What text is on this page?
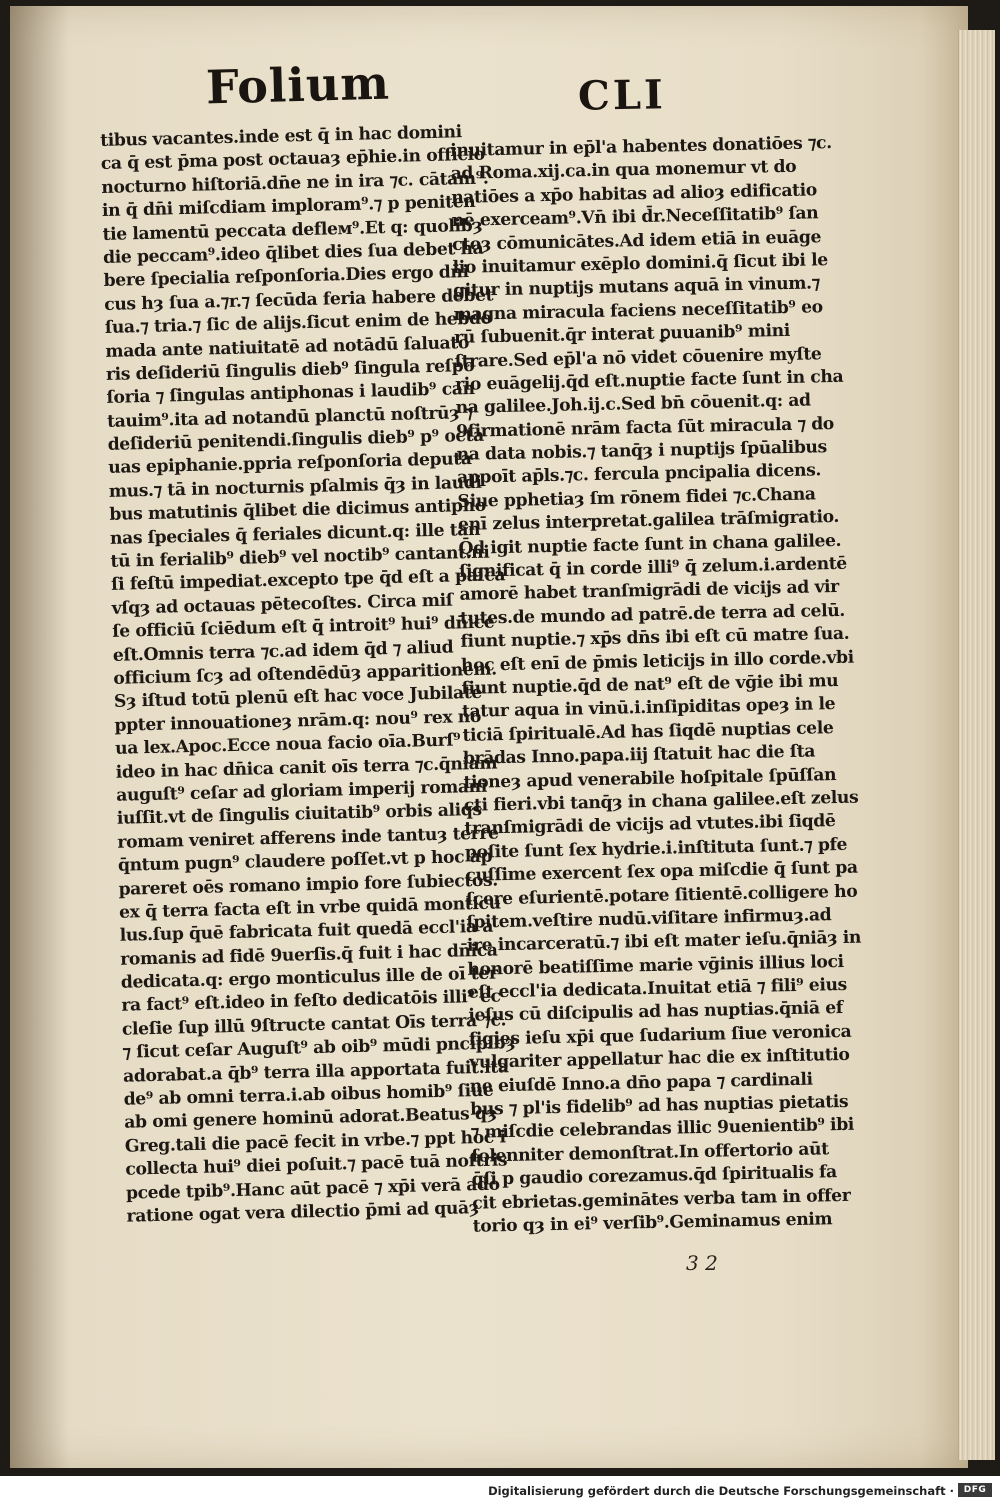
Folium	CLI
tibus vacantes.inde est q̄ in hac domini
ca q̄ est p̄ma post octauaȝ ep̄hie.in officio
nocturno hiſtoriā.dn̄e ne in ira ⁊c. cātam⁹.
in q̄ dn̄i miſcdiam imploram⁹.⁊ p peniten
tie lamentū peccata defleм⁹.Et q: quolibȝ
die peccam⁹.ideo q̄libet dies ſua debet ha
bere ſpecialia reſponſoria.Dies ergo dn̄i
cus hȝ ſua a.⁊r.⁊ ſecūda feria habere debet
ſua.⁊ tria.⁊ ſic de alijs.ſicut enim de hebdo
mada ante natiuitatē ad notādū ſaluato
ris deſideriū ſingulis dieb⁹ ſingula reſpō
ſoria ⁊ ſingulas antiphonas i laudib⁹ can
tauim⁹.ita ad notandū planctū noſtrūȝ ⁊
deſideriū penitendi.ſingulis dieb⁹ p⁹ octa
uas epiphanie.ppria reſponſoria deputa
mus.⁊ tā in nocturnis pſalmis q̄ȝ in laudi
bus matutinis q̄libet die dicimus antipho
nas ſpeciales q̄ feriales dicunt.q: ille tan
tū in ferialib⁹ dieb⁹ vel noctib⁹ cantant.ni
ſi feſtū impediat.excepto tpe q̄d eſt a paſca
vſqȝ ad octauas pētecoſtes. Circa miſ
ſe officiū ſciēdum eſt q̄ introit⁹ hui⁹ dn̄ice
eſt.Omnis terra ⁊c.ad idem q̄d ⁊ aliud
officium ſcȝ ad oſtendēdūȝ apparitionem.
Sȝ iſtud totū plenū eſt hac voce Jubilate
ppter innouationeȝ nrām.q: nou⁹ rex no
ua lex.Apoc.Ecce noua facio oīa.Burſ⁹
ideo in hac dn̄ica canit oīs terra ⁊c.q̄niam
auguſt⁹ ceſar ad gloriam imperij romani
iuſſit.vt de ſingulis ciuitatib⁹ orbis aliqs
romam veniret afferens inde tantuȝ terre
q̄ntum pugn⁹ claudere poſſet.vt p hoc ap
pareret oēs romano impio fore ſubiectos.
ex q̄ terra facta eſt in vrbe quidā monticu
lus.ſup q̄uē fabricata fuit quedā eccl'ia a
romanis ad fidē 9uerſis.q̄ fuit i hac dn̄ica
dedicata.q: ergo monticulus ille de oī ter
ra fact⁹ eſt.ideo in feſto dedicatōis illi⁹ ec
cleſie ſup illū 9ſtructe cantat Oīs terra ⁊c.
⁊ ſicut ceſar Auguſt⁹ ab oib⁹ mūdi pncipibȝ
adorabat.a q̄b⁹ terra illa apportata fuit.ita
de⁹ ab omni terra.i.ab oibus homib⁹ ſiue
ab omi genere hominū adorat.Beatus qȝ
Greg.tali die pacē fecit in vrbe.⁊ ppt hoc i
collecta hui⁹ diei poſuit.⁊ pacē tuā noſtris
pcede tpib⁹.Hanc aūt pacē ⁊ xp̄i verā ado
ratione ogat vera dilectio p̄mi ad quāȝ
inuitamur in ep̄l'a habentes donatiōes ⁊c.
ad Roma.xij.ca.in qua monemur vt do
natiōes a xp̄o habitas ad alioȝ edificatio
nē exerceam⁹.Vn̄ ibi d̄r.Neceſſitatib⁹ ſan
ctoȝ cōmunicātes.Ad idem etiā in euāge
lio inuitamur exēplo domini.q̄ ſicut ibi le
gitur in nuptijs mutans aquā in vinum.⁊
magna miracula faciens neceſſitatib⁹ eo
rū ſubuenit.q̄r interat ꝑuuanib⁹ mini
ſtrare.Sed ep̄l'a nō videt cōuenire myſte
rio euāgelij.q̄d eſt.nuptie facte ſunt in cha
na galilee.Joh.ij.c.Sed bn̄ cōuenit.q: ad
9firmationē nrām facta ſūt miracula ⁊ do
na data nobis.⁊ tanq̄ȝ i nuptijs ſpūalibus
appoīt ap̄ls.⁊c. fercula pncipalia dicens.
Siue pphetiaȝ ſm rōnem fidei ⁊c.Chana
enī zelus interpretat.galilea trāſmigratio.
Q̄d igit nuptie facte ſunt in chana galilee.
ſignificat q̄ in corde illi⁹ q̄ zelum.i.ardentē
amorē habet tranſmigrādi de vicijs ad vir
tutes.de mundo ad patrē.de terra ad celū.
fiunt nuptie.⁊ xp̄s dn̄s ibi eſt cū matre ſua.
hoc eſt enī de p̄mis leticijs in illo corde.vbi
fiunt nuptie.q̄d de nat⁹ eſt de vḡie ibi mu
tatur aqua in vinū.i.inſipiditas opeȝ in le
ticiā ſpiritualē.Ad has ſiqdē nuptias cele
brādas Inno.papa.iij ſtatuit hac die ſta
tioneȝ apud venerabile hoſpitale ſpūſſan
cti fieri.vbi tanq̄ȝ in chana galilee.eſt zelus
tranſmigrādi de vicijs ad vtutes.ibi ſiqdē
poſite ſunt ſex hydrie.i.inſtituta ſunt.⁊ pfe
cuſſime exercent ſex opa miſcdie q̄ ſunt pa
ſcere eſurientē.potare ſitientē.colligere ho
ſpitem.veſtire nudū.viſitare infirmuȝ.ad
ire incarceratū.⁊ ibi eſt mater ieſu.q̄niāȝ in
honorē beatiſſime marie vḡinis illius loci
eſt eccl'ia dedicata.Inuitat etiā ⁊ fili⁹ eius
ieſus cū diſcipulis ad has nuptias.q̄niā ef
figies ieſu xp̄i que ſudarium ſiue veronica
vulgariter appellatur hac die ex inſtitutio
ne eiuſdē Inno.a dn̄o papa ⁊ cardinali
bus ⁊ pl'is fidelib⁹ ad has nuptias pietatis
⁊ miſcdie celebrandas illic 9uenientib⁹ ibi
ſolenniter demonſtrat.In offertorio aūt
q̄ſi p gaudio corezamus.q̄d ſpiritualis fa
cit ebrietas.geminātes verba tam in offer
torio qȝ in ei⁹ verſib⁹.Geminamus enim
3 2
Digitalisierung gefördert durch die Deutsche Forschungsgemeinschaft ·	DFG
